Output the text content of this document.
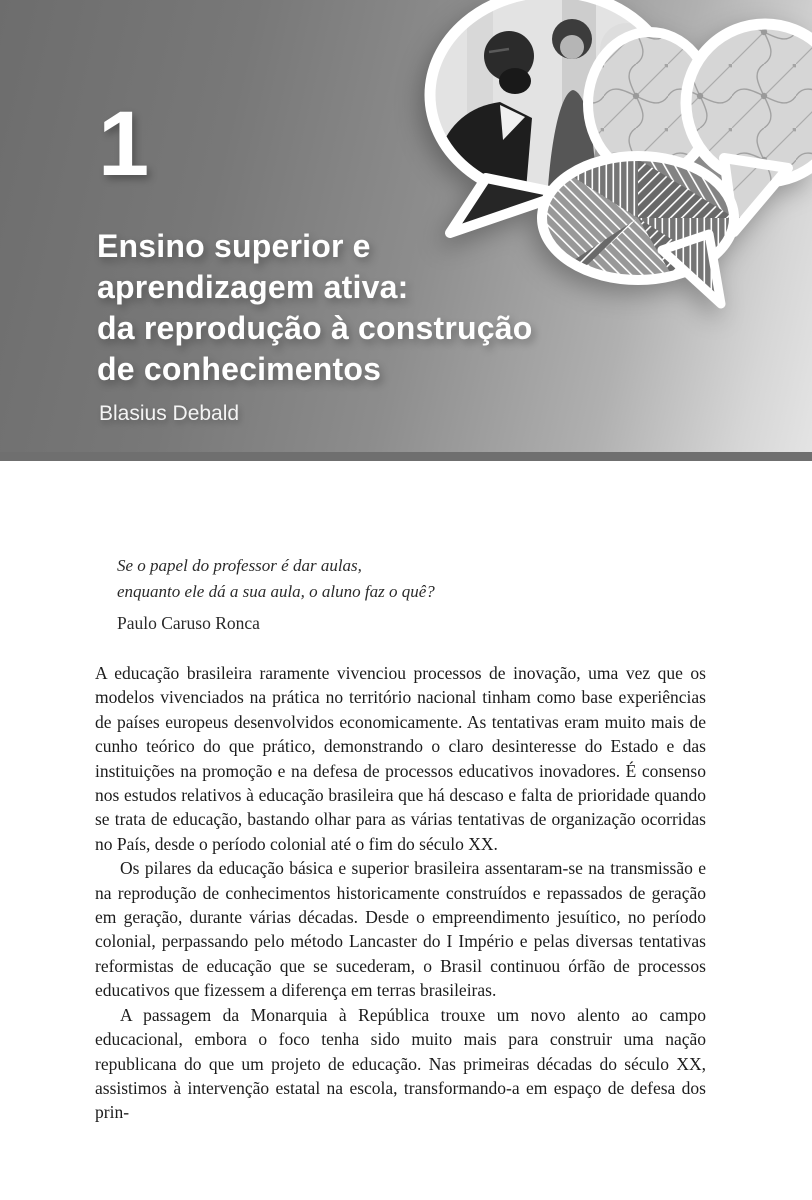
1
Ensino superior e
aprendizagem ativa:
da reprodução à construção
de conhecimentos
Blasius Debald
Se o papel do professor é dar aulas,
enquanto ele dá a sua aula, o aluno faz o quê?
Paulo Caruso Ronca

A educação brasileira raramente vivenciou processos de inovação, uma vez que os modelos vivenciados na prática no território nacional tinham como base experiências de países europeus desenvolvidos economicamente. As tentativas eram muito mais de cunho teórico do que prático, demonstrando o claro desinteresse do Estado e das instituições na promoção e na defesa de processos educativos inovadores. É consenso nos estudos relativos à educação brasileira que há descaso e falta de prioridade quando se trata de educação, bastando olhar para as várias tentativas de organização ocorridas no País, desde o período colonial até o fim do século XX.

Os pilares da educação básica e superior brasileira assentaram-se na transmissão e na reprodução de conhecimentos historicamente construídos e repassados de geração em geração, durante várias décadas. Desde o empreendimento jesuítico, no período colonial, perpassando pelo método Lancaster do I Império e pelas diversas tentativas reformistas de educação que se sucederam, o Brasil continuou órfão de processos educativos que fizessem a diferença em terras brasileiras.

A passagem da Monarquia à República trouxe um novo alento ao campo educacional, embora o foco tenha sido muito mais para construir uma nação republicana do que um projeto de educação. Nas primeiras décadas do século XX, assistimos à intervenção estatal na escola, transformando-a em espaço de defesa dos prin-
